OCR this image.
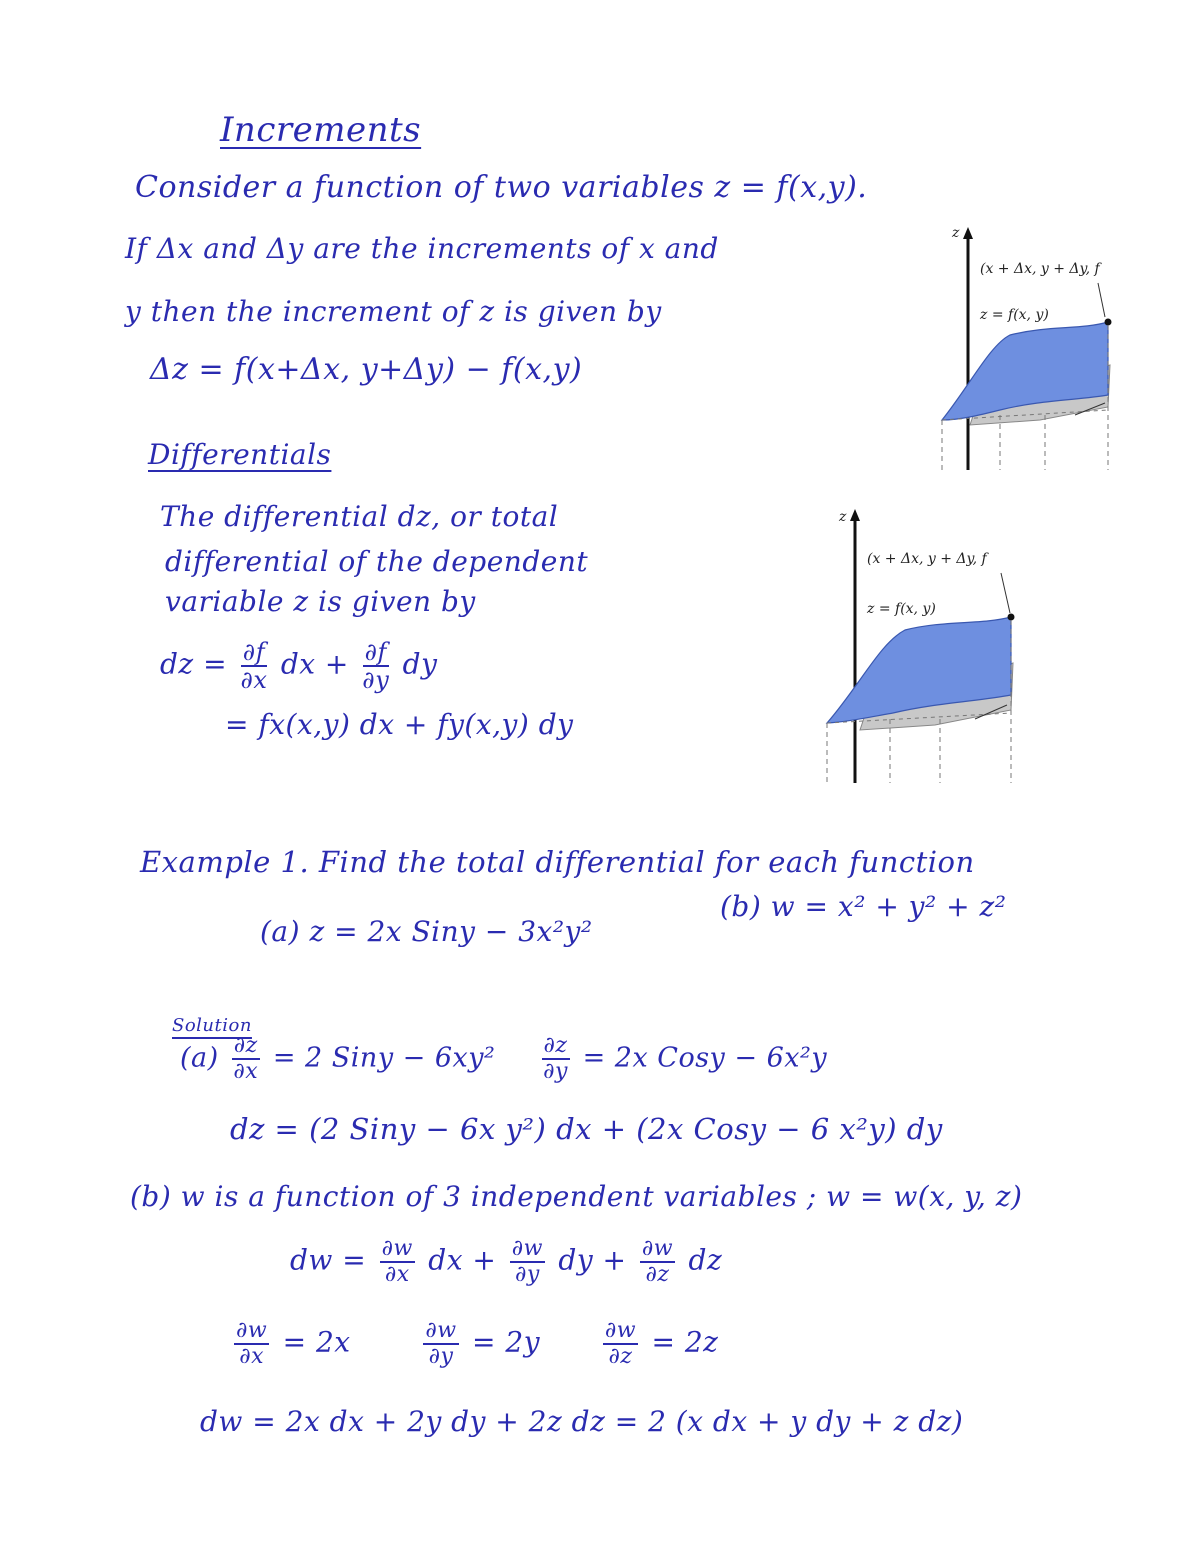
Increments
Consider a function of two variables z = f(x,y).
If Δx and Δy are the increments of x and
y then the increment of z is given by
Δz = f(x+Δx, y+Δy) − f(x,y)
Differentials
The differential dz, or total
differential of the dependent
variable z is given by
dz = $\frac{\partial f}{\partial x}$ dx + $\frac{\partial f}{\partial y}$ dy
= fx(x,y) dx + fy(x,y) dy
z
(x + Δx, y + Δy, f
z = f(x, y)
z
(x + Δx, y + Δy, f
z = f(x, y)
Example 1. Find the total differential for each function
(a) z = 2x Siny − 3x²y²
(b) w = x² + y² + z²
Solution
$(a) \frac{\partial z}{\partial x} = 2$ Siny − $6xy^2 \frac{\partial z}{\partial y} = 2x$ Cosy − 6x²y
dz = (2 Siny − 6x y²) dx + (2x Cosy − 6 x²y) dy
(b) w is a function of 3 independent variables ; w = w(x, y, z)
dw = $\frac{\partial w}{\partial x}$ dx + $\frac{\partial w}{\partial y}$ dy + $\frac{\partial w}{\partial z}$ dz
$\frac{\partial w}{\partial x} = 2x$	$\frac{\partial w}{\partial y} = 2y$	$\frac{\partial w}{\partial z} = 2z$
dw = 2x dx + 2y dy + 2z dz = 2 (x dx + y dy + z dz)
